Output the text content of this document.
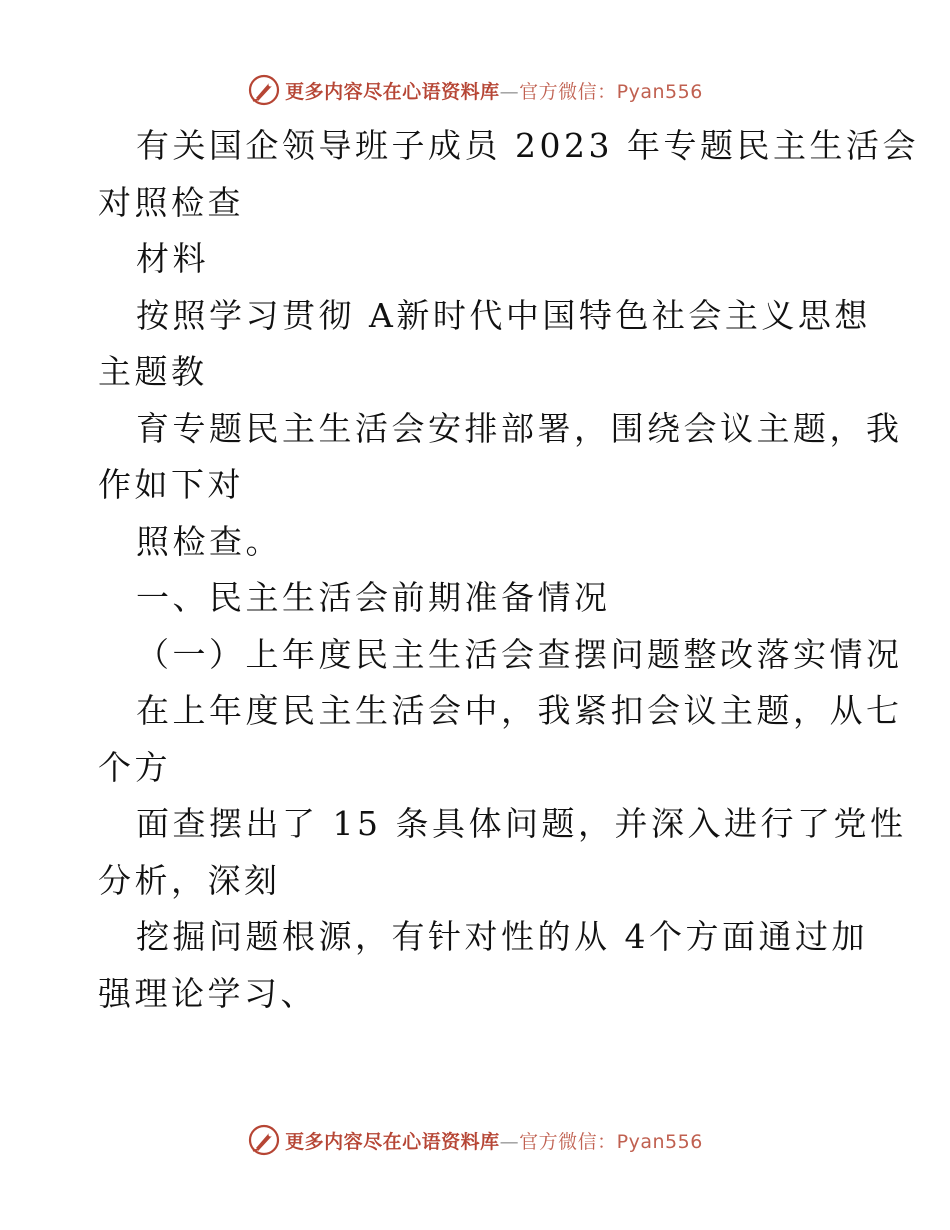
更多内容尽在心语资料库—官方微信：Pyan556
有关国企领导班子成员 2023 年专题民主生活会
对照检查
材料
按照学习贯彻 A新时代中国特色社会主义思想
主题教
育专题民主生活会安排部署，围绕会议主题，我
作如下对
照检查。
一、民主生活会前期准备情况
（一）上年度民主生活会查摆问题整改落实情况
在上年度民主生活会中，我紧扣会议主题，从七
个方
面查摆出了 15 条具体问题，并深入进行了党性
分析，深刻
挖掘问题根源，有针对性的从 4个方面通过加
强理论学习、
更多内容尽在心语资料库—官方微信：Pyan556
